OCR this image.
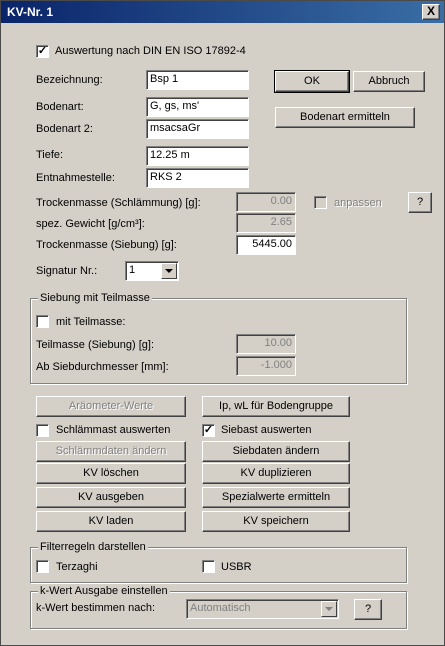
KV-Nr. 1	X
✓ Auswertung nach DIN EN ISO 17892-4
Bezeichnung:	Bsp 1
Bodenart:	G, gs, ms'
Bodenart 2:	msacsaGr
Tiefe:	12.25 m
Entnahmestelle:	RKS 2
OK	Abbruch
Bodenart ermitteln
Trockenmasse (Schlämmung) [g]:	0.00	anpassen	?
spez. Gewicht [g/cm³]:	2.65
Trockenmasse (Siebung) [g]:	5445.00
Signatur Nr.:	1
Siebung mit Teilmasse
mit Teilmasse:
Teilmasse (Siebung) [g]:	10.00
Ab Siebdurchmesser [mm]:	-1.000
Aräometer-Werte	Ip, wL für Bodengruppe
Schlämmast auswerten	✓ Siebast auswerten
Schlämmdaten ändern	Siebdaten ändern
KV löschen	KV duplizieren
KV ausgeben	Spezialwerte ermitteln
KV laden	KV speichern
Filterregeln darstellen
Terzaghi	USBR
k-Wert Ausgabe einstellen
k-Wert bestimmen nach:	Automatisch	?
